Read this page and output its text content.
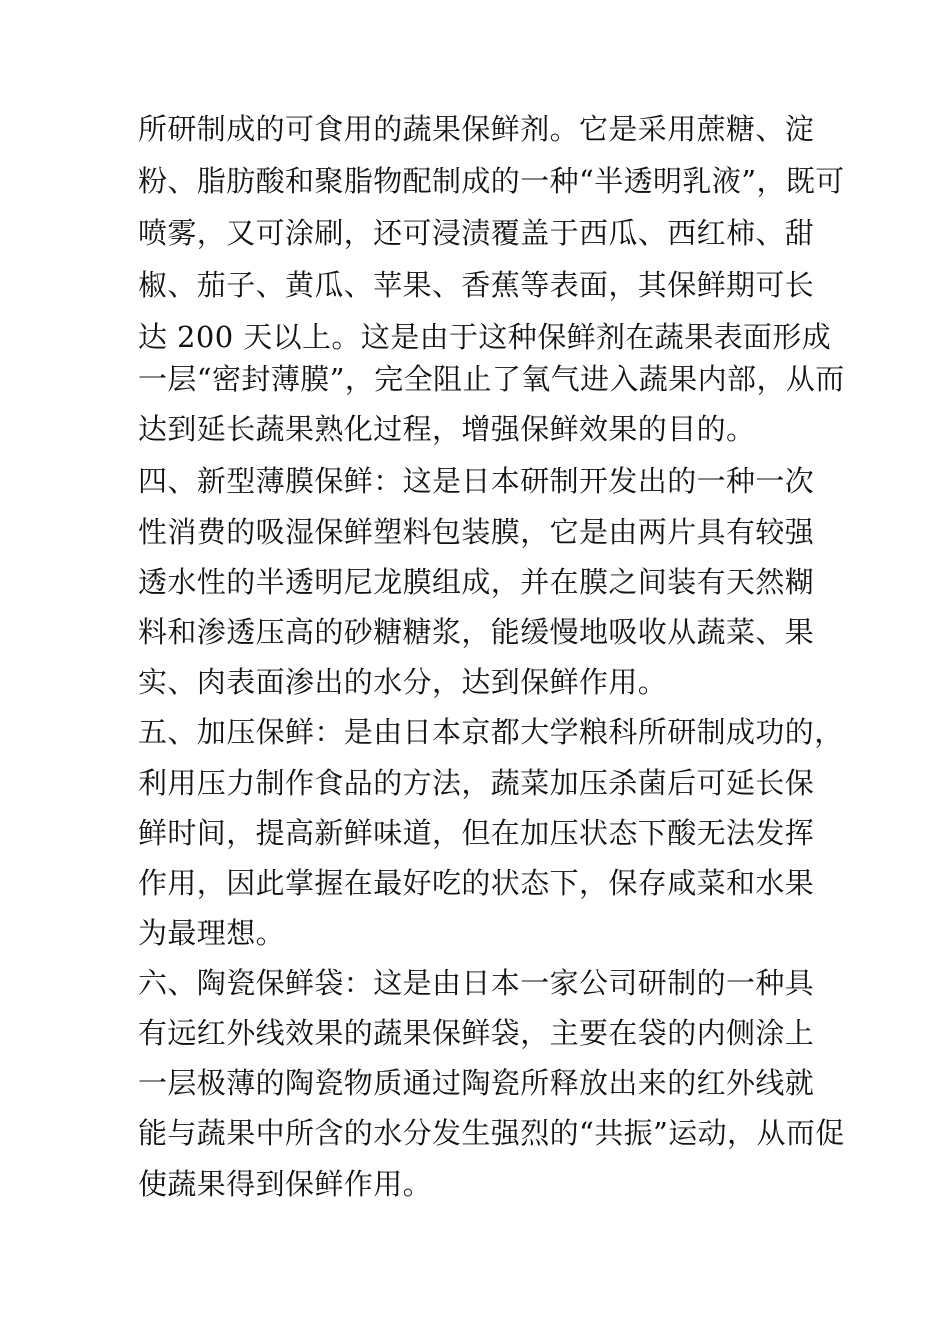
所研制成的可食用的蔬果保鲜剂。它是采用蔗糖、淀
粉、脂肪酸和聚脂物配制成的一种“半透明乳液”，既可
喷雾，又可涂刷，还可浸渍覆盖于西瓜、西红柿、甜
椒、茄子、黄瓜、苹果、香蕉等表面，其保鲜期可长
达 200 天以上。这是由于这种保鲜剂在蔬果表面形成
一层“密封薄膜”，完全阻止了氧气进入蔬果内部，从而
达到延长蔬果熟化过程，增强保鲜效果的目的。
四、新型薄膜保鲜：这是日本研制开发出的一种一次
性消费的吸湿保鲜塑料包装膜，它是由两片具有较强
透水性的半透明尼龙膜组成，并在膜之间装有天然糊
料和渗透压高的砂糖糖浆，能缓慢地吸收从蔬菜、果
实、肉表面渗出的水分，达到保鲜作用。
五、加压保鲜：是由日本京都大学粮科所研制成功的，
利用压力制作食品的方法，蔬菜加压杀菌后可延长保
鲜时间，提高新鲜味道，但在加压状态下酸无法发挥
作用，因此掌握在最好吃的状态下，保存咸菜和水果
为最理想。
六、陶瓷保鲜袋：这是由日本一家公司研制的一种具
有远红外线效果的蔬果保鲜袋，主要在袋的内侧涂上
一层极薄的陶瓷物质通过陶瓷所释放出来的红外线就
能与蔬果中所含的水分发生强烈的“共振”运动，从而促
使蔬果得到保鲜作用。
